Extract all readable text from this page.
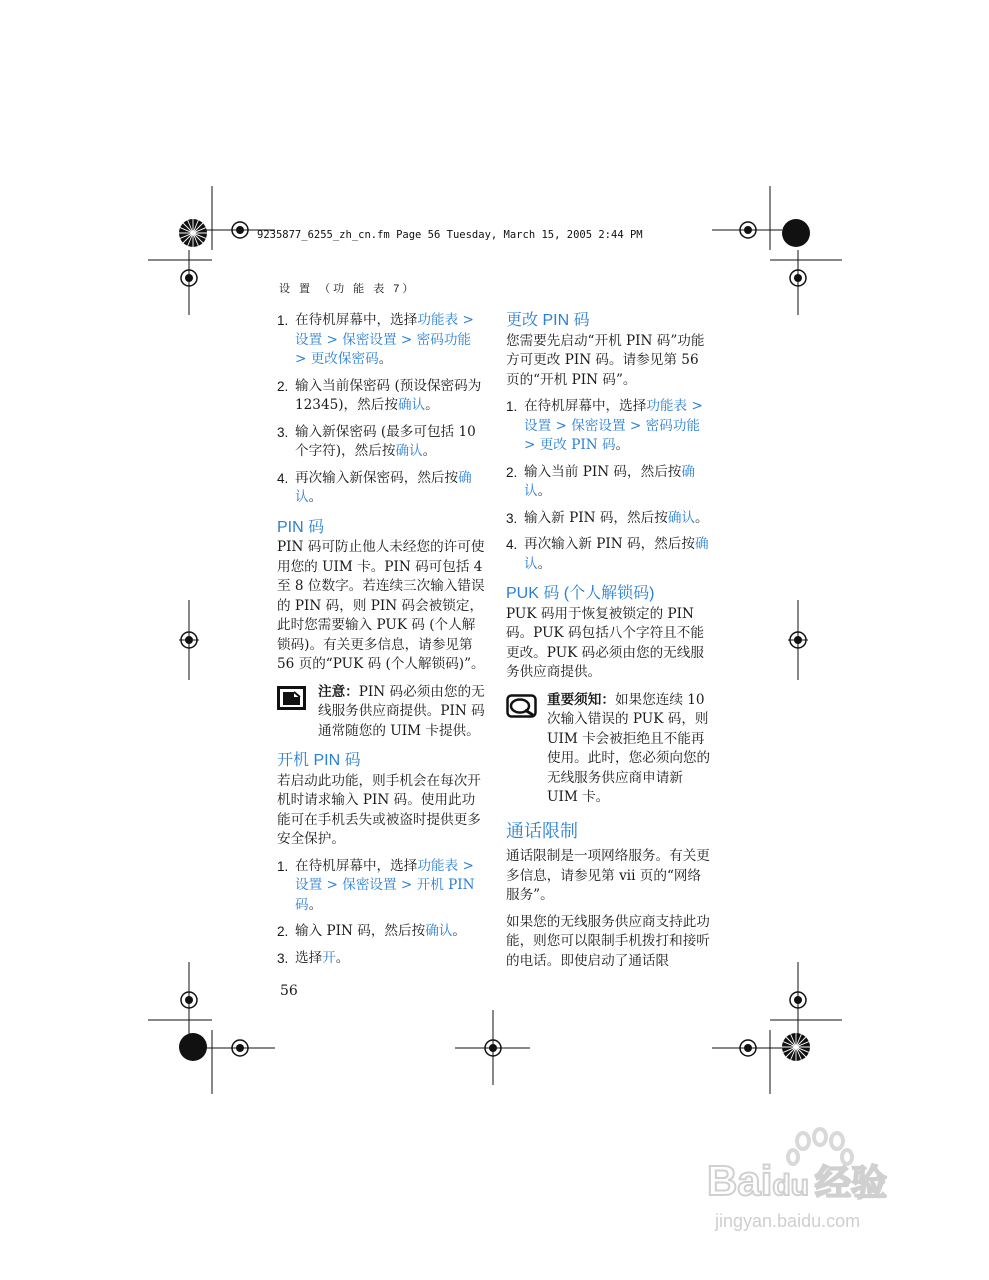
9235877_6255_zh_cn.fm Page 56 Tuesday, March 15, 2005 2:44 PM
设 置 （功 能 表 7）
1. 在待机屏幕中，选择功能表 > 设置 > 保密设置 > 密码功能 > 更改保密码。
2. 输入当前保密码 (预设保密码为 12345)，然后按确认。
3. 输入新保密码 (最多可包括 10 个字符)，然后按确认。
4. 再次输入新保密码，然后按确认。
PIN 码

PIN 码可防止他人未经您的许可使用您的 UIM 卡。PIN 码可包括 4 至 8 位数字。若连续三次输入错误的 PIN 码，则 PIN 码会被锁定，此时您需要输入 PUK 码 (个人解锁码)。有关更多信息，请参见第 56 页的“PUK 码 (个人解锁码)”。

注意：PIN 码必须由您的无线服务供应商提供。PIN 码通常随您的 UIM 卡提供。
开机 PIN 码

若启动此功能，则手机会在每次开机时请求输入 PIN 码。使用此功能可在手机丢失或被盗时提供更多安全保护。

1. 在待机屏幕中，选择功能表 > 设置 > 保密设置 > 开机 PIN 码。
2. 输入 PIN 码，然后按确认。
3. 选择开。
更改 PIN 码

您需要先启动“开机 PIN 码”功能方可更改 PIN 码。请参见第 56 页的“开机 PIN 码”。

1. 在待机屏幕中，选择功能表 > 设置 > 保密设置 > 密码功能 > 更改 PIN 码。
2. 输入当前 PIN 码，然后按确认。
3. 输入新 PIN 码，然后按确认。
4. 再次输入新 PIN 码，然后按确认。
PUK 码 (个人解锁码)

PUK 码用于恢复被锁定的 PIN 码。PUK 码包括八个字符且不能更改。PUK 码必须由您的无线服务供应商提供。

重要须知：如果您连续 10 次输入错误的 PUK 码，则 UIM 卡会被拒绝且不能再使用。此时，您必须向您的无线服务供应商申请新 UIM 卡。
通话限制

通话限制是一项网络服务。有关更多信息，请参见第 vii 页的“网络服务”。

如果您的无线服务供应商支持此功能，则您可以限制手机拨打和接听的电话。即使启动了通话限

56
Baidu 经验
jingyan.baidu.com
